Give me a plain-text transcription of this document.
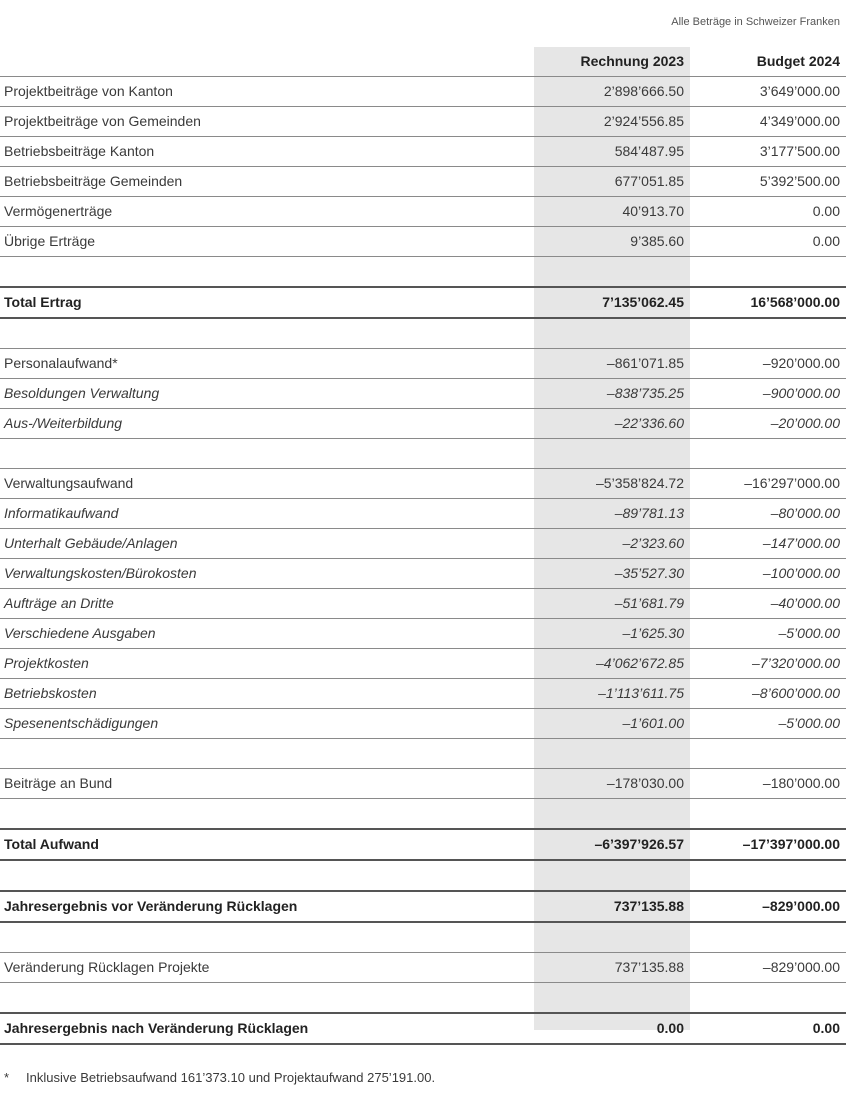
Alle Beträge in Schweizer Franken
	Rechnung 2023	Budget 2024
Projektbeiträge von Kanton	2’898’666.50	3’649’000.00
Projektbeiträge von Gemeinden	2’924’556.85	4’349’000.00
Betriebsbeiträge Kanton	584’487.95	3’177’500.00
Betriebsbeiträge Gemeinden	677’051.85	5’392’500.00
Vermögenerträge	40’913.70	0.00
Übrige Erträge	9’385.60	0.00

Total Ertrag	7’135’062.45	16’568’000.00

Personalaufwand*	–861’071.85	–920’000.00
Besoldungen Verwaltung	–838’735.25	–900’000.00
Aus-/Weiterbildung	–22’336.60	–20’000.00

Verwaltungsaufwand	–5’358’824.72	–16’297’000.00
Informatikaufwand	–89’781.13	–80’000.00
Unterhalt Gebäude/Anlagen	–2’323.60	–147’000.00
Verwaltungskosten/Bürokosten	–35’527.30	–100’000.00
Aufträge an Dritte	–51’681.79	–40’000.00
Verschiedene Ausgaben	–1’625.30	–5’000.00
Projektkosten	–4’062’672.85	–7’320’000.00
Betriebskosten	–1’113’611.75	–8’600’000.00
Spesenentschädigungen	–1’601.00	–5’000.00

Beiträge an Bund	–178’030.00	–180’000.00

Total Aufwand	–6’397’926.57	–17’397’000.00

Jahresergebnis vor Veränderung Rücklagen	737’135.88	–829’000.00

Veränderung Rücklagen Projekte	737’135.88	–829’000.00

Jahresergebnis nach Veränderung Rücklagen	0.00	0.00
* Inklusive Betriebsaufwand 161’373.10 und Projektaufwand 275’191.00.
